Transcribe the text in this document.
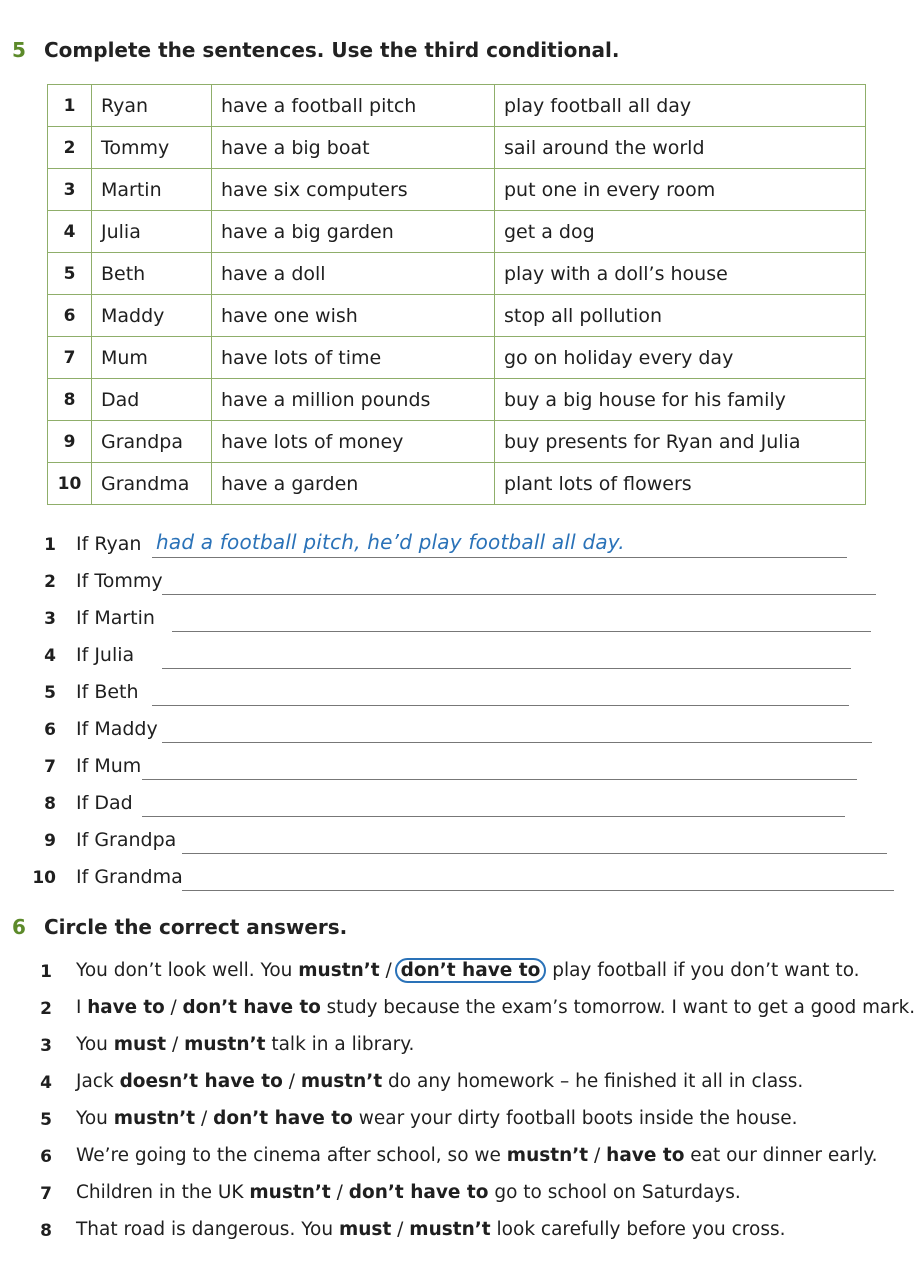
5 Complete the sentences. Use the third conditional.
1	Ryan	have a football pitch	play football all day
2	Tommy	have a big boat	sail around the world
3	Martin	have six computers	put one in every room
4	Julia	have a big garden	get a dog
5	Beth	have a doll	play with a doll’s house
6	Maddy	have one wish	stop all pollution
7	Mum	have lots of time	go on holiday every day
8	Dad	have a million pounds	buy a big house for his family
9	Grandpa	have lots of money	buy presents for Ryan and Julia
10	Grandma	have a garden	plant lots of flowers
1 If Ryan had a football pitch, he’d play football all day.
2 If Tommy
3 If Martin
4 If Julia
5 If Beth
6 If Maddy
7 If Mum
8 If Dad
9 If Grandpa
10 If Grandma
6 Circle the correct answers.
1 You don’t look well. You mustn’t / don’t have to play football if you don’t want to.
2 I have to / don’t have to study because the exam’s tomorrow. I want to get a good mark.
3 You must / mustn’t talk in a library.
4 Jack doesn’t have to / mustn’t do any homework – he finished it all in class.
5 You mustn’t / don’t have to wear your dirty football boots inside the house.
6 We’re going to the cinema after school, so we mustn’t / have to eat our dinner early.
7 Children in the UK mustn’t / don’t have to go to school on Saturdays.
8 That road is dangerous. You must / mustn’t look carefully before you cross.
